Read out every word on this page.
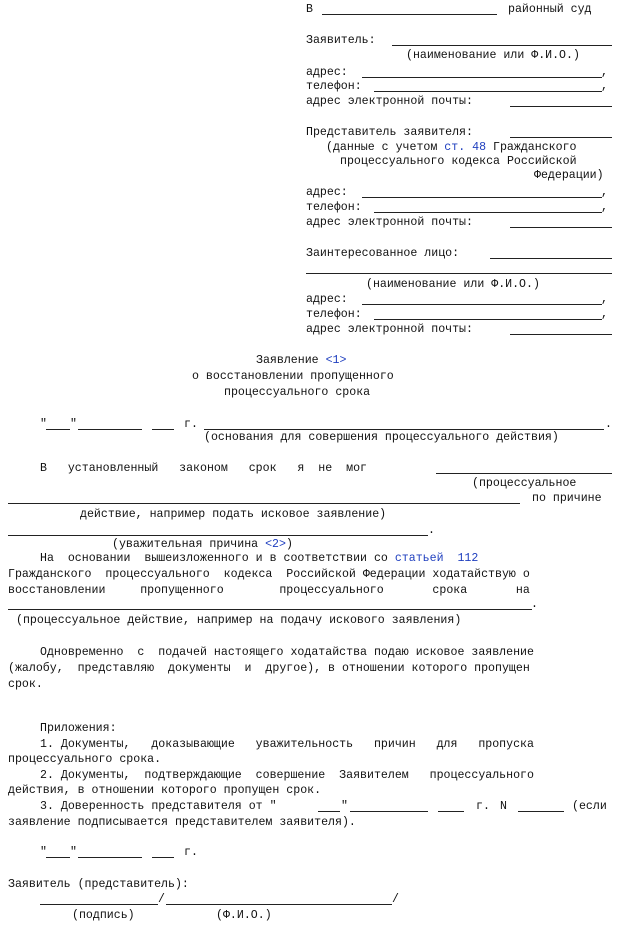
В	районный суд
Заявитель:
(наименование или Ф.И.О.)
адрес:	,
телефон:	,
адрес электронной почты:
Представитель заявителя:
(данные с учетом ст. 48 Гражданского
процессуального кодекса Российской
Федерации)
адрес:	,
телефон:	,
адрес электронной почты:
Заинтересованное лицо:
(наименование или Ф.И.О.)
адрес:	,
телефон:	,
адрес электронной почты:
Заявление <1>
о восстановлении пропущенного
процессуального срока
" "	г.	.
(основания для совершения процессуального действия)
В   установленный   законом   срок   я  не  мог
(процессуальное
по причине
действие, например подать исковое заявление)
.
(уважительная причина <2>)
На  основании  вышеизложенного и в соответствии со статьей  112
Гражданского  процессуального  кодекса  Российской Федерации ходатайствую о
восстановлении     пропущенного        процессуального       срока       на
.
(процессуальное действие, например на подачу искового заявления)
Одновременно  с  подачей настоящего ходатайства подаю исковое заявление
(жалобу,  представляю  документы  и  другое), в отношении которого пропущен
срок.
Приложения:
1. Документы,   доказывающие   уважительность   причин   для   пропуска
процессуального срока.
2. Документы,  подтверждающие  совершение  Заявителем   процессуального
действия, в отношении которого пропущен срок.
3. Доверенность представителя от "	"	г. N	(если
заявление подписывается представителем заявителя).
" "	г.
Заявитель (представитель):
/	/
(подпись)	(Ф.И.О.)
